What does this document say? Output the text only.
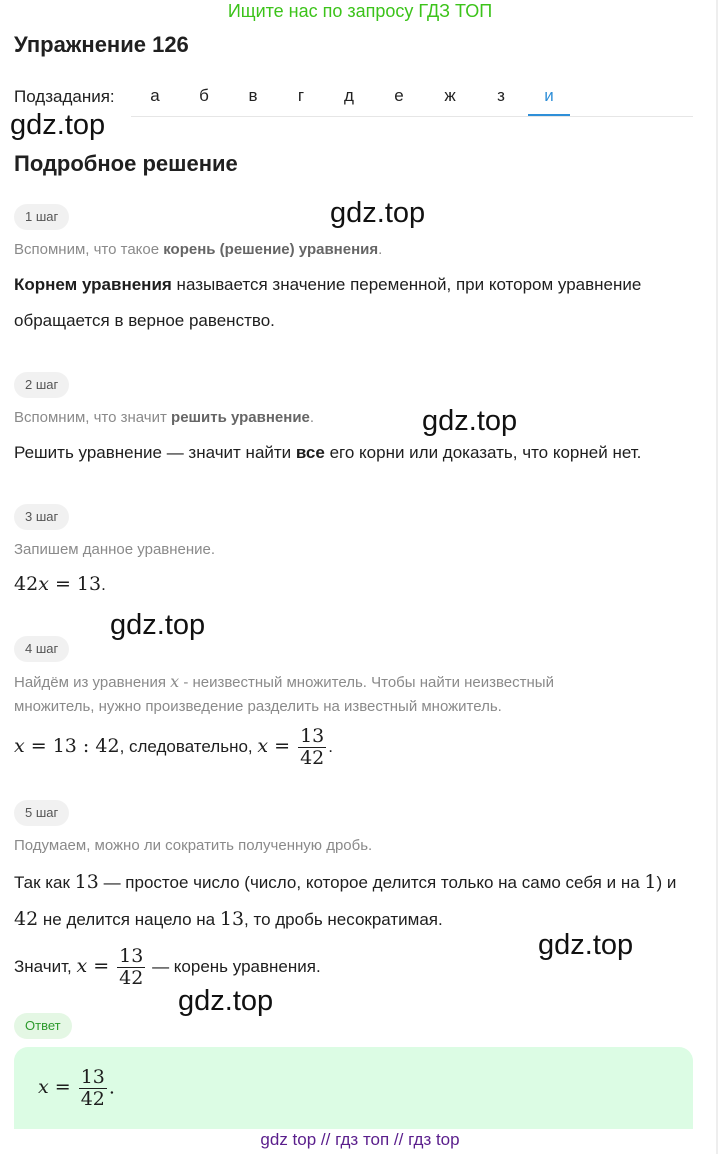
Ищите нас по запросу ГДЗ ТОП
Упражнение 126
Подзадания:	а	б	в	г	д	е	ж	з	и
gdz.top
gdz.top
gdz.top
gdz.top
gdz.top
gdz.top
Подробное решение
1 шаг
Вспомним, что такое корень (решение) уравнения.
Корнем уравнения называется значение переменной, при котором уравнение обращается в верное равенство.
2 шаг
Вспомним, что значит решить уравнение.
Решить уравнение — значит найти все его корни или доказать, что корней нет.
3 шаг
Запишем данное уравнение.
42x = 13.
4 шаг
Найдём из уравнения x - неизвестный множитель. Чтобы найти неизвестный множитель, нужно произведение разделить на известный множитель.
x = 13 : 42, следовательно, $x = \frac{13}{42}$ .
5 шаг
Подумаем, можно ли сократить полученную дробь.
Так как 13 — простое число (число, которое делится только на само себя и на 1) и 42 не делится нацело на 13, то дробь несократимая.
Значит, $x = \frac{13}{42}$ — корень уравнения.
Ответ
$x = \frac{13}{42}$ .
gdz top // гдз топ // гдз top
